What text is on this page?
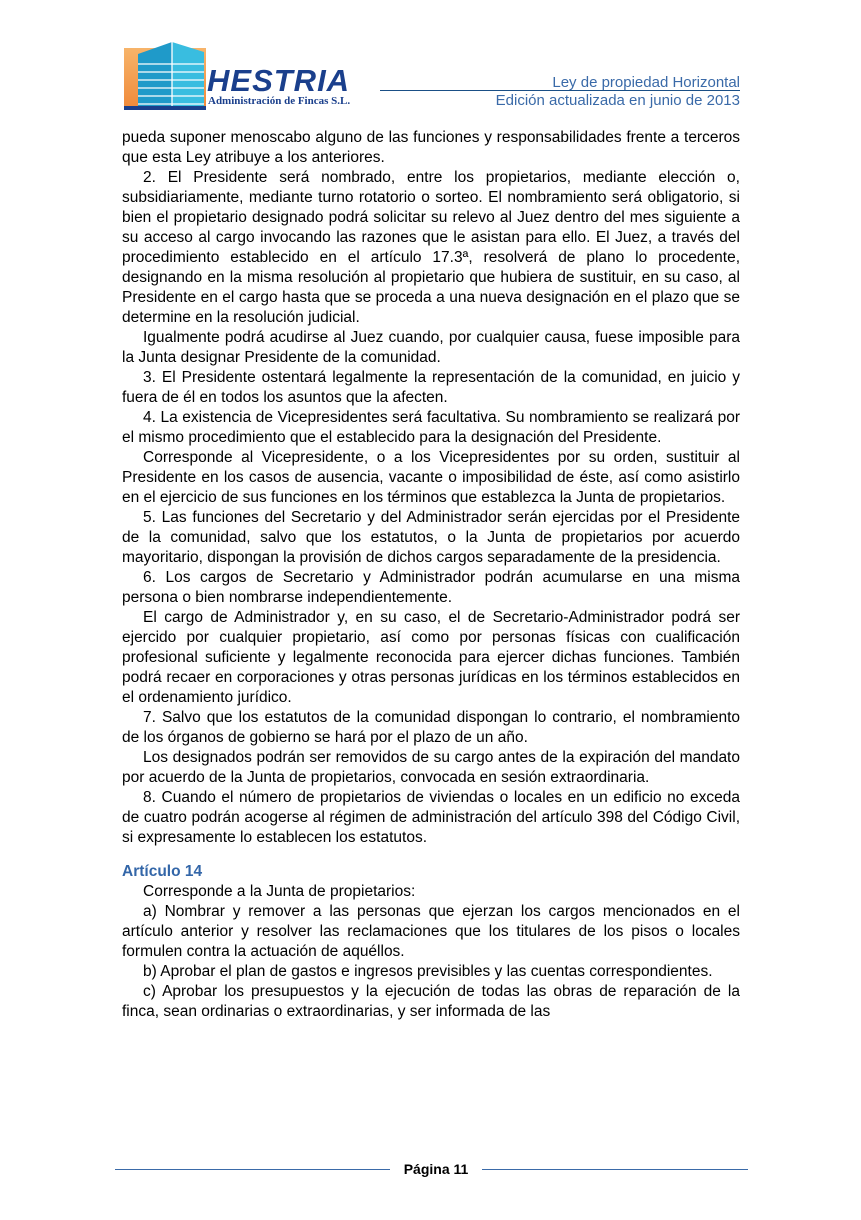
HESTRIA
Administración de Fincas S.L.
Ley de propiedad Horizontal
Edición actualizada en junio de 2013

pueda suponer menoscabo alguno de las funciones y responsabilidades frente a terceros que esta Ley atribuye a los anteriores.

2. El Presidente será nombrado, entre los propietarios, mediante elección o, subsidiariamente, mediante turno rotatorio o sorteo. El nombramiento será obligatorio, si bien el propietario designado podrá solicitar su relevo al Juez dentro del mes siguiente a su acceso al cargo invocando las razones que le asistan para ello. El Juez, a través del procedimiento establecido en el artículo 17.3ª, resolverá de plano lo procedente, designando en la misma resolución al propietario que hubiera de sustituir, en su caso, al Presidente en el cargo hasta que se proceda a una nueva designación en el plazo que se determine en la resolución judicial.

Igualmente podrá acudirse al Juez cuando, por cualquier causa, fuese imposible para la Junta designar Presidente de la comunidad.

3. El Presidente ostentará legalmente la representación de la comunidad, en juicio y fuera de él en todos los asuntos que la afecten.

4. La existencia de Vicepresidentes será facultativa. Su nombramiento se realizará por el mismo procedimiento que el establecido para la designación del Presidente.

Corresponde al Vicepresidente, o a los Vicepresidentes por su orden, sustituir al Presidente en los casos de ausencia, vacante o imposibilidad de éste, así como asistirlo en el ejercicio de sus funciones en los términos que establezca la Junta de propietarios.

5. Las funciones del Secretario y del Administrador serán ejercidas por el Presidente de la comunidad, salvo que los estatutos, o la Junta de propietarios por acuerdo mayoritario, dispongan la provisión de dichos cargos separadamente de la presidencia.

6. Los cargos de Secretario y Administrador podrán acumularse en una misma persona o bien nombrarse independientemente.

El cargo de Administrador y, en su caso, el de Secretario-Administrador podrá ser ejercido por cualquier propietario, así como por personas físicas con cualificación profesional suficiente y legalmente reconocida para ejercer dichas funciones. También podrá recaer en corporaciones y otras personas jurídicas en los términos establecidos en el ordenamiento jurídico.

7. Salvo que los estatutos de la comunidad dispongan lo contrario, el nombramiento de los órganos de gobierno se hará por el plazo de un año.

Los designados podrán ser removidos de su cargo antes de la expiración del mandato por acuerdo de la Junta de propietarios, convocada en sesión extraordinaria.

8. Cuando el número de propietarios de viviendas o locales en un edificio no exceda de cuatro podrán acogerse al régimen de administración del artículo 398 del Código Civil, si expresamente lo establecen los estatutos.

Artículo 14

Corresponde a la Junta de propietarios:

a) Nombrar y remover a las personas que ejerzan los cargos mencionados en el artículo anterior y resolver las reclamaciones que los titulares de los pisos o locales formulen contra la actuación de aquéllos.

b) Aprobar el plan de gastos e ingresos previsibles y las cuentas correspondientes.

c) Aprobar los presupuestos y la ejecución de todas las obras de reparación de la finca, sean ordinarias o extraordinarias, y ser informada de las

Página 11
